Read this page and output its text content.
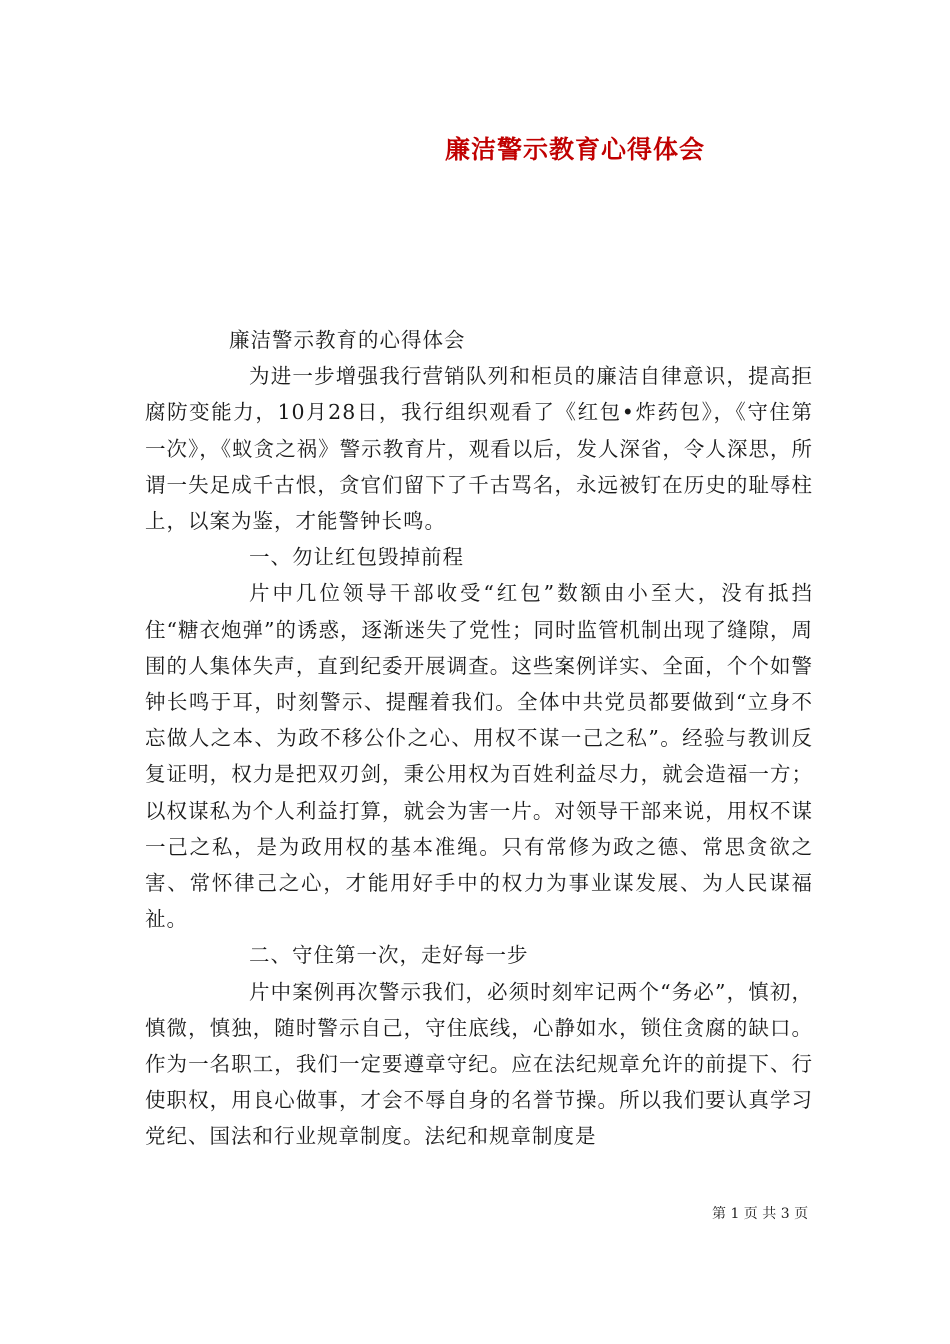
廉洁警示教育心得体会

廉洁警示教育的心得体会

为进一步增强我行营销队列和柜员的廉洁自律意识，提高拒腐防变能力，10月28日，我行组织观看了《红包•炸药包》，《守住第一次》，《蚁贪之祸》警示教育片，观看以后，发人深省，令人深思，所谓一失足成千古恨，贪官们留下了千古骂名，永远被钉在历史的耻辱柱上，以案为鉴，才能警钟长鸣。

一、勿让红包毁掉前程

片中几位领导干部收受“红包”数额由小至大，没有抵挡住“糖衣炮弹”的诱惑，逐渐迷失了党性；同时监管机制出现了缝隙，周围的人集体失声，直到纪委开展调查。这些案例详实、全面，个个如警钟长鸣于耳，时刻警示、提醒着我们。全体中共党员都要做到“立身不忘做人之本、为政不移公仆之心、用权不谋一己之私”。经验与教训反复证明，权力是把双刃剑，秉公用权为百姓利益尽力，就会造福一方；以权谋私为个人利益打算，就会为害一片。对领导干部来说，用权不谋一己之私，是为政用权的基本准绳。只有常修为政之德、常思贪欲之害、常怀律己之心，才能用好手中的权力为事业谋发展、为人民谋福祉。

二、守住第一次，走好每一步

片中案例再次警示我们，必须时刻牢记两个“务必”，慎初，慎微，慎独，随时警示自己，守住底线，心静如水，锁住贪腐的缺口。作为一名职工，我们一定要遵章守纪。应在法纪规章允许的前提下、行使职权，用良心做事，才会不辱自身的名誉节操。所以我们要认真学习党纪、国法和行业规章制度。法纪和规章制度是

第 1 页 共 3 页
